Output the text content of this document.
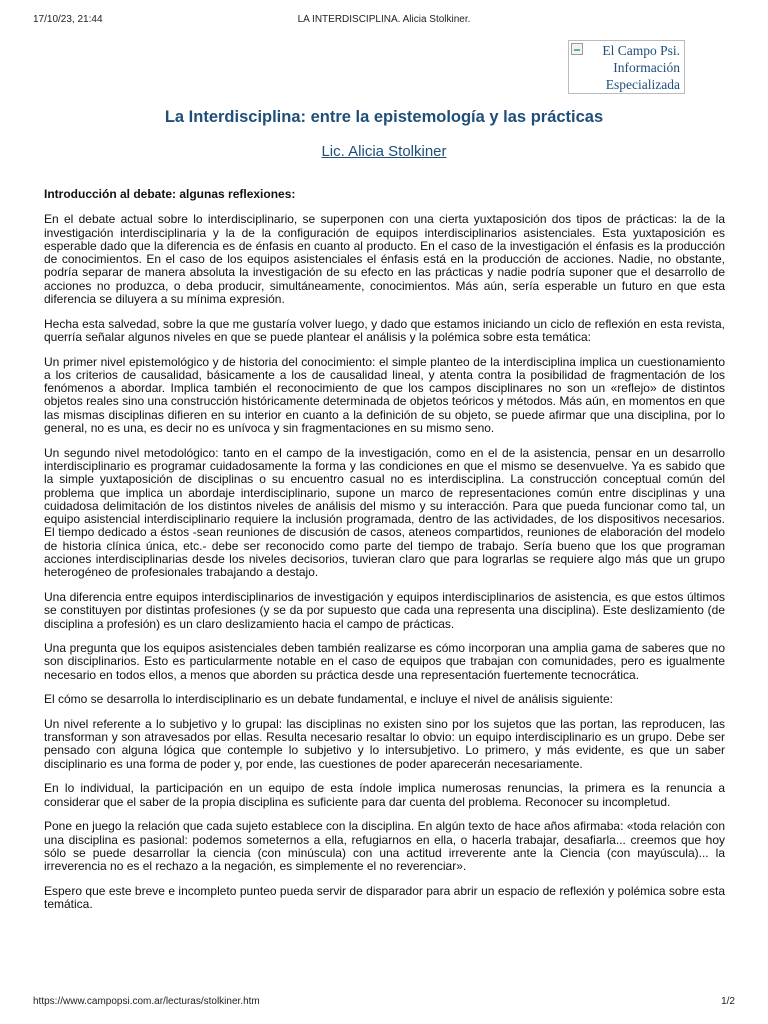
17/10/23, 21:44	LA INTERDISCIPLINA. Alicia Stolkiner.
El Campo Psi.
Información
Especializada
La Interdisciplina: entre la epistemología y las prácticas
Lic. Alicia Stolkiner
Introducción al debate: algunas reflexiones:

En el debate actual sobre lo interdisciplinario, se superponen con una cierta yuxtaposición dos tipos de prácticas: la de la investigación interdisciplinaria y la de la configuración de equipos interdisciplinarios asistenciales. Esta yuxtaposición es esperable dado que la diferencia es de énfasis en cuanto al producto. En el caso de la investigación el énfasis es la producción de conocimientos. En el caso de los equipos asistenciales el énfasis está en la producción de acciones. Nadie, no obstante, podría separar de manera absoluta la investigación de su efecto en las prácticas y nadie podría suponer que el desarrollo de acciones no produzca, o deba producir, simultáneamente, conocimientos. Más aún, sería esperable un futuro en que esta diferencia se diluyera a su mínima expresión.

Hecha esta salvedad, sobre la que me gustaría volver luego, y dado que estamos iniciando un ciclo de reflexión en esta revista, querría señalar algunos niveles en que se puede plantear el análisis y la polémica sobre esta temática:

Un primer nivel epistemológico y de historia del conocimiento: el simple planteo de la interdisciplina implica un cuestionamiento a los criterios de causalidad, básicamente a los de causalidad lineal, y atenta contra la posibilidad de fragmentación de los fenómenos a abordar. Implica también el reconocimiento de que los campos disciplinares no son un «reflejo» de distintos objetos reales sino una construcción históricamente determinada de objetos teóricos y métodos. Más aún, en momentos en que las mismas disciplinas difieren en su interior en cuanto a la definición de su objeto, se puede afirmar que una disciplina, por lo general, no es una, es decir no es unívoca y sin fragmentaciones en su mismo seno.

Un segundo nivel metodológico: tanto en el campo de la investigación, como en el de la asistencia, pensar en un desarrollo interdisciplinario es programar cuidadosamente la forma y las condiciones en que el mismo se desenvuelve. Ya es sabido que la simple yuxtaposición de disciplinas o su encuentro casual no es interdisciplina. La construcción conceptual común del problema que implica un abordaje interdisciplinario, supone un marco de representaciones común entre disciplinas y una cuidadosa delimitación de los distintos niveles de análisis del mismo y su interacción. Para que pueda funcionar como tal, un equipo asistencial interdisciplinario requiere la inclusión programada, dentro de las actividades, de los dispositivos necesarios. El tiempo dedicado a éstos -sean reuniones de discusión de casos, ateneos compartidos, reuniones de elaboración del modelo de historia clínica única, etc.- debe ser reconocido como parte del tiempo de trabajo. Sería bueno que los que programan acciones interdisciplinarias desde los niveles decisorios, tuvieran claro que para lograrlas se requiere algo más que un grupo heterogéneo de profesionales trabajando a destajo.

Una diferencia entre equipos interdisciplinarios de investigación y equipos interdisciplinarios de asistencia, es que estos últimos se constituyen por distintas profesiones (y se da por supuesto que cada una representa una disciplina). Este deslizamiento (de disciplina a profesión) es un claro deslizamiento hacia el campo de prácticas.

Una pregunta que los equipos asistenciales deben también realizarse es cómo incorporan una amplia gama de saberes que no son disciplinarios. Esto es particularmente notable en el caso de equipos que trabajan con comunidades, pero es igualmente necesario en todos ellos, a menos que aborden su práctica desde una representación fuertemente tecnocrática.

El cómo se desarrolla lo interdisciplinario es un debate fundamental, e incluye el nivel de análisis siguiente:

Un nivel referente a lo subjetivo y lo grupal: las disciplinas no existen sino por los sujetos que las portan, las reproducen, las transforman y son atravesados por ellas. Resulta necesario resaltar lo obvio: un equipo interdisciplinario es un grupo. Debe ser pensado con alguna lógica que contemple lo subjetivo y lo intersubjetivo. Lo primero, y más evidente, es que un saber disciplinario es una forma de poder y, por ende, las cuestiones de poder aparecerán necesariamente.

En lo individual, la participación en un equipo de esta índole implica numerosas renuncias, la primera es la renuncia a considerar que el saber de la propia disciplina es suficiente para dar cuenta del problema. Reconocer su incompletud.

Pone en juego la relación que cada sujeto establece con la disciplina. En algún texto de hace años afirmaba: «toda relación con una disciplina es pasional: podemos someternos a ella, refugiarnos en ella, o hacerla trabajar, desafiarla... creemos que hoy sólo se puede desarrollar la ciencia (con minúscula) con una actitud irreverente ante la Ciencia (con mayúscula)... la irreverencia no es el rechazo a la negación, es simplemente el no reverenciar».

Espero que este breve e incompleto punteo pueda servir de disparador para abrir un espacio de reflexión y polémica sobre esta temática.

https://www.campopsi.com.ar/lecturas/stolkiner.htm	1/2
